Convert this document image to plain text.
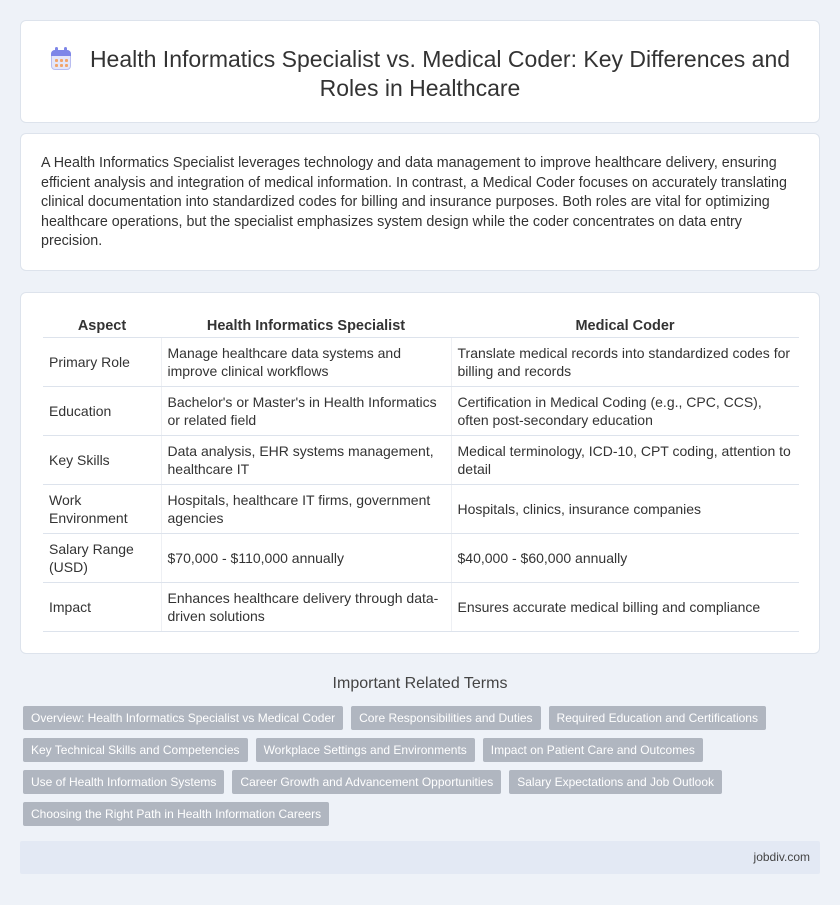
Health Informatics Specialist vs. Medical Coder: Key Differences and Roles in Healthcare

A Health Informatics Specialist leverages technology and data management to improve healthcare delivery, ensuring efficient analysis and integration of medical information. In contrast, a Medical Coder focuses on accurately translating clinical documentation into standardized codes for billing and insurance purposes. Both roles are vital for optimizing healthcare operations, but the specialist emphasizes system design while the coder concentrates on data entry precision.

Aspect	Health Informatics Specialist	Medical Coder
Primary Role	Manage healthcare data systems and improve clinical workflows	Translate medical records into standardized codes for billing and records
Education	Bachelor's or Master's in Health Informatics or related field	Certification in Medical Coding (e.g., CPC, CCS), often post-secondary education
Key Skills	Data analysis, EHR systems management, healthcare IT	Medical terminology, ICD-10, CPT coding, attention to detail
Work Environment	Hospitals, healthcare IT firms, government agencies	Hospitals, clinics, insurance companies
Salary Range (USD)	$70,000 - $110,000 annually	$40,000 - $60,000 annually
Impact	Enhances healthcare delivery through data-driven solutions	Ensures accurate medical billing and compliance
Important Related Terms
Overview: Health Informatics Specialist vs Medical Coder	Core Responsibilities and Duties	Required Education and Certifications
Key Technical Skills and Competencies	Workplace Settings and Environments	Impact on Patient Care and Outcomes
Use of Health Information Systems	Career Growth and Advancement Opportunities	Salary Expectations and Job Outlook
Choosing the Right Path in Health Information Careers
jobdiv.com
